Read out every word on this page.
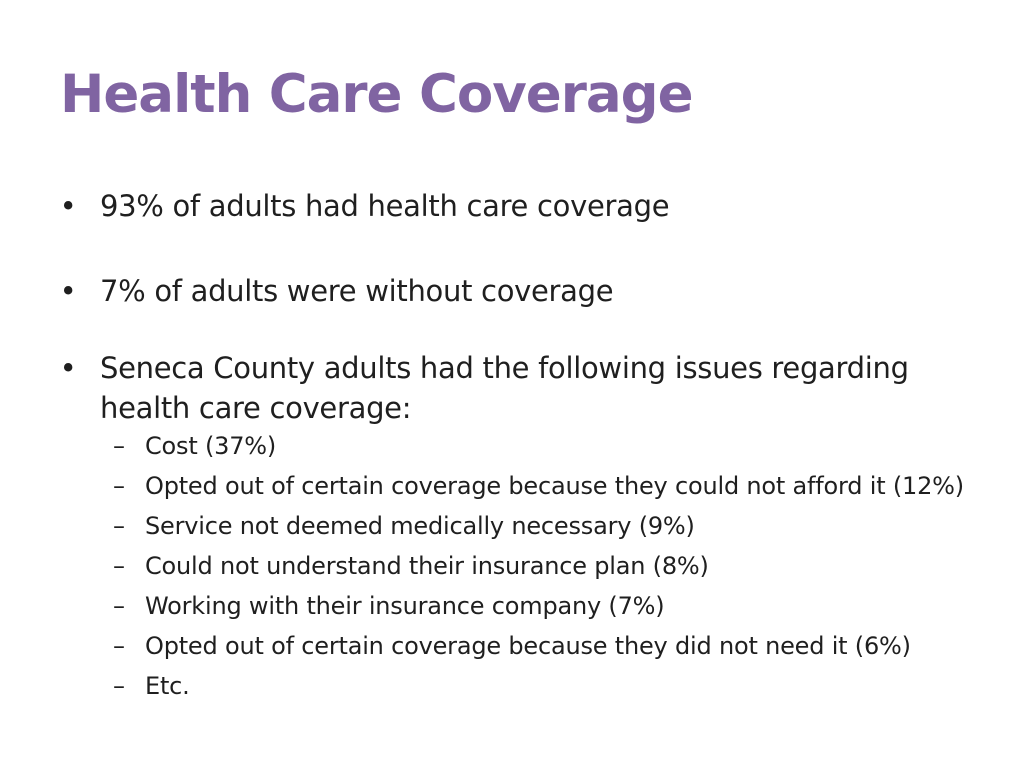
Health Care Coverage
• 93% of adults had health care coverage
• 7% of adults were without coverage
• Seneca County adults had the following issues regarding health care coverage:
– Cost (37%)
– Opted out of certain coverage because they could not afford it (12%)
– Service not deemed medically necessary (9%)
– Could not understand their insurance plan (8%)
– Working with their insurance company (7%)
– Opted out of certain coverage because they did not need it (6%)
– Etc.
